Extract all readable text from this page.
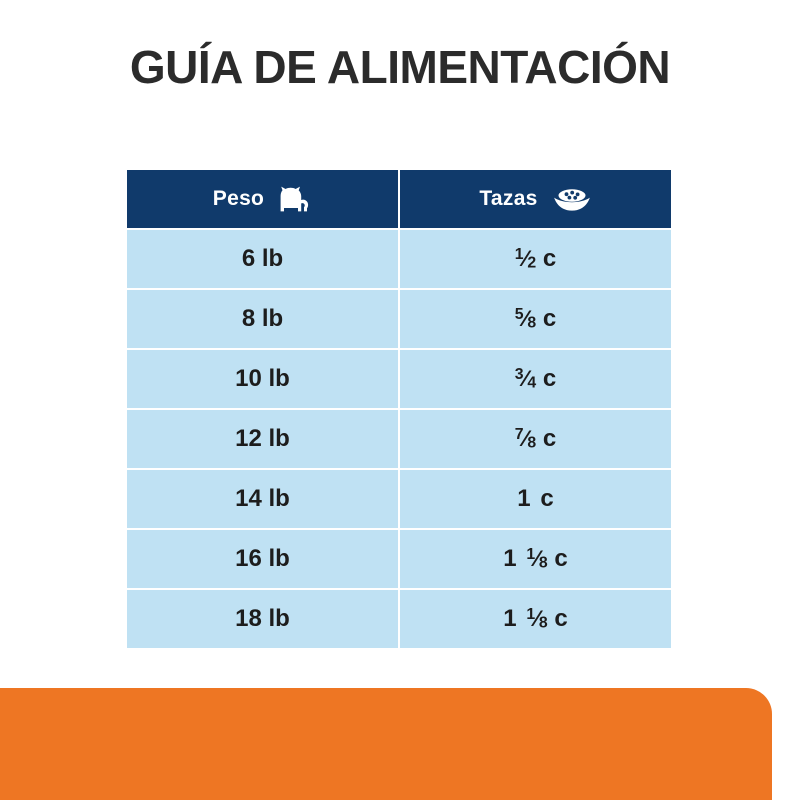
GUÍA DE ALIMENTACIÓN
Peso	Tazas

6 lb	$^1⁄_2$ c
8 lb	$^5⁄_8$ c
10 lb	$^3⁄_4$ c
12 lb	$^7⁄_8$ c
14 lb	1 c
16 lb	1 $^1⁄_8$ c
18 lb	1 $^1⁄_8$ c
